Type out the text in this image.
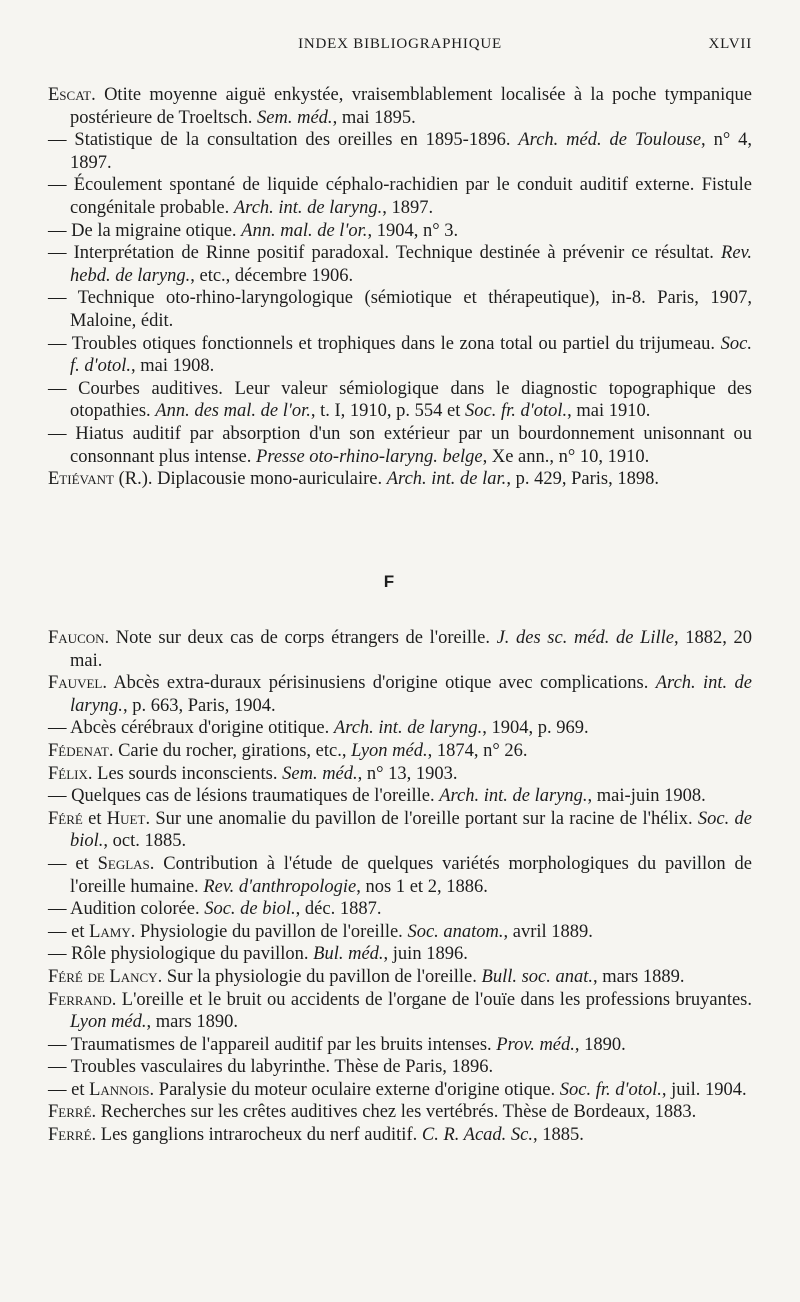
INDEX BIBLIOGRAPHIQUE	XLVII
Escat. Otite moyenne aiguë enkystée, vraisemblablement localisée à la poche tympanique postérieure de Troeltsch. Sem. méd., mai 1895.
— Statistique de la consultation des oreilles en 1895-1896. Arch. méd. de Toulouse, n° 4, 1897.
— Écoulement spontané de liquide céphalo-rachidien par le conduit auditif externe. Fistule congénitale probable. Arch. int. de laryng., 1897.
— De la migraine otique. Ann. mal. de l'or., 1904, n° 3.
— Interprétation de Rinne positif paradoxal. Technique destinée à prévenir ce résultat. Rev. hebd. de laryng., etc., décembre 1906.
— Technique oto-rhino-laryngologique (sémiotique et thérapeutique), in-8. Paris, 1907, Maloine, édit.
— Troubles otiques fonctionnels et trophiques dans le zona total ou partiel du trijumeau. Soc. f. d'otol., mai 1908.
— Courbes auditives. Leur valeur sémiologique dans le diagnostic topographique des otopathies. Ann. des mal. de l'or., t. I, 1910, p. 554 et Soc. fr. d'otol., mai 1910.
— Hiatus auditif par absorption d'un son extérieur par un bourdonnement unisonnant ou consonnant plus intense. Presse oto-rhino-laryng. belge, Xe ann., n° 10, 1910.
Etiévant (R.). Diplacousie mono-auriculaire. Arch. int. de lar., p. 429, Paris, 1898.
F
Faucon. Note sur deux cas de corps étrangers de l'oreille. J. des sc. méd. de Lille, 1882, 20 mai.
Fauvel. Abcès extra-duraux périsinusiens d'origine otique avec complications. Arch. int. de laryng., p. 663, Paris, 1904.
— Abcès cérébraux d'origine otitique. Arch. int. de laryng., 1904, p. 969.
Fédenat. Carie du rocher, girations, etc., Lyon méd., 1874, n° 26.
Félix. Les sourds inconscients. Sem. méd., n° 13, 1903.
— Quelques cas de lésions traumatiques de l'oreille. Arch. int. de laryng., mai-juin 1908.
Féré et Huet. Sur une anomalie du pavillon de l'oreille portant sur la racine de l'hélix. Soc. de biol., oct. 1885.
— et Seglas. Contribution à l'étude de quelques variétés morphologiques du pavillon de l'oreille humaine. Rev. d'anthropologie, nos 1 et 2, 1886.
— Audition colorée. Soc. de biol., déc. 1887.
— et Lamy. Physiologie du pavillon de l'oreille. Soc. anatom., avril 1889.
— Rôle physiologique du pavillon. Bul. méd., juin 1896.
Féré de Lancy. Sur la physiologie du pavillon de l'oreille. Bull. soc. anat., mars 1889.
Ferrand. L'oreille et le bruit ou accidents de l'organe de l'ouïe dans les professions bruyantes. Lyon méd., mars 1890.
— Traumatismes de l'appareil auditif par les bruits intenses. Prov. méd., 1890.
— Troubles vasculaires du labyrinthe. Thèse de Paris, 1896.
— et Lannois. Paralysie du moteur oculaire externe d'origine otique. Soc. fr. d'otol., juil. 1904.
Ferré. Recherches sur les crêtes auditives chez les vertébrés. Thèse de Bordeaux, 1883.
Ferré. Les ganglions intrarocheux du nerf auditif. C. R. Acad. Sc., 1885.
